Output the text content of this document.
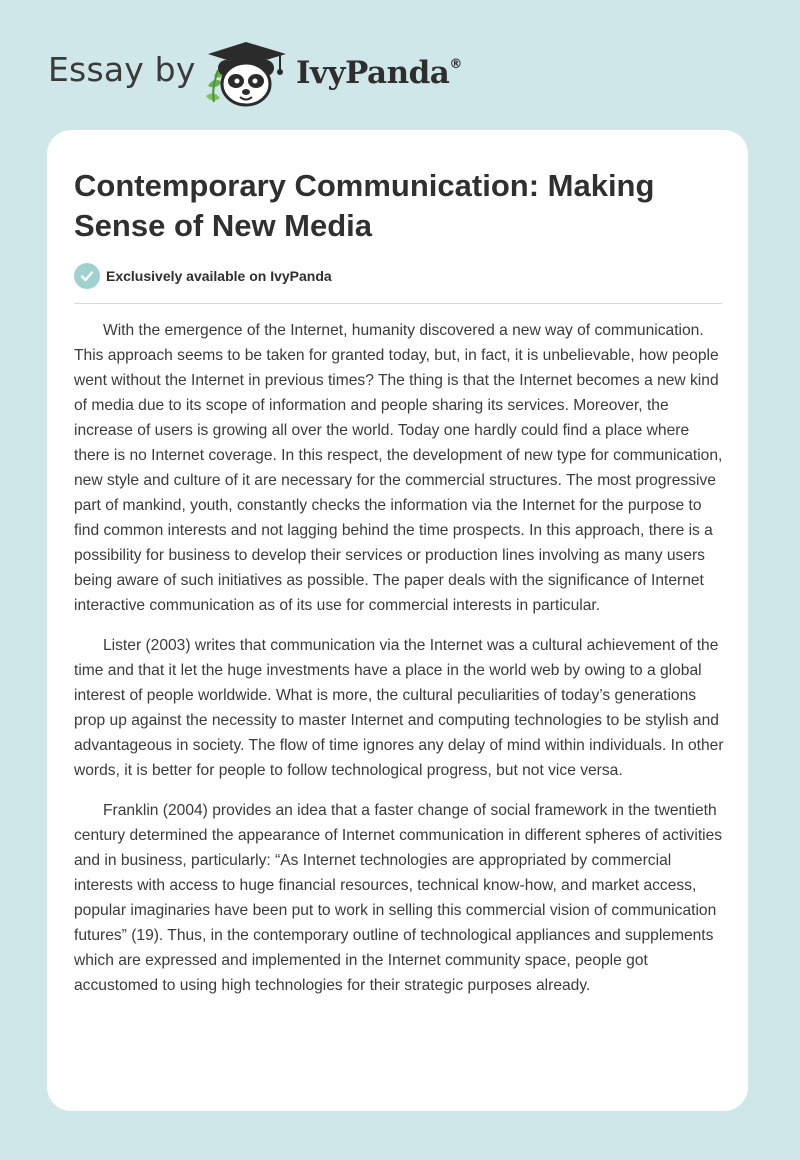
Essay by	IvyPanda®
Contemporary Communication: Making Sense of New Media
Exclusively available on IvyPanda

With the emergence of the Internet, humanity discovered a new way of communication. This approach seems to be taken for granted today, but, in fact, it is unbelievable, how people went without the Internet in previous times? The thing is that the Internet becomes a new kind of media due to its scope of information and people sharing its services. Moreover, the increase of users is growing all over the world. Today one hardly could find a place where there is no Internet coverage. In this respect, the development of new type for communication, new style and culture of it are necessary for the commercial structures. The most progressive part of mankind, youth, constantly checks the information via the Internet for the purpose to find common interests and not lagging behind the time prospects. In this approach, there is a possibility for business to develop their services or production lines involving as many users being aware of such initiatives as possible. The paper deals with the significance of Internet interactive communication as of its use for commercial interests in particular.

Lister (2003) writes that communication via the Internet was a cultural achievement of the time and that it let the huge investments have a place in the world web by owing to a global interest of people worldwide. What is more, the cultural peculiarities of today’s generations prop up against the necessity to master Internet and computing technologies to be stylish and advantageous in society. The flow of time ignores any delay of mind within individuals. In other words, it is better for people to follow technological progress, but not vice versa.

Franklin (2004) provides an idea that a faster change of social framework in the twentieth century determined the appearance of Internet communication in different spheres of activities and in business, particularly: “As Internet technologies are appropriated by commercial interests with access to huge financial resources, technical know-how, and market access, popular imaginaries have been put to work in selling this commercial vision of communication futures” (19). Thus, in the contemporary outline of technological appliances and supplements which are expressed and implemented in the Internet community space, people got accustomed to using high technologies for their strategic purposes already.
